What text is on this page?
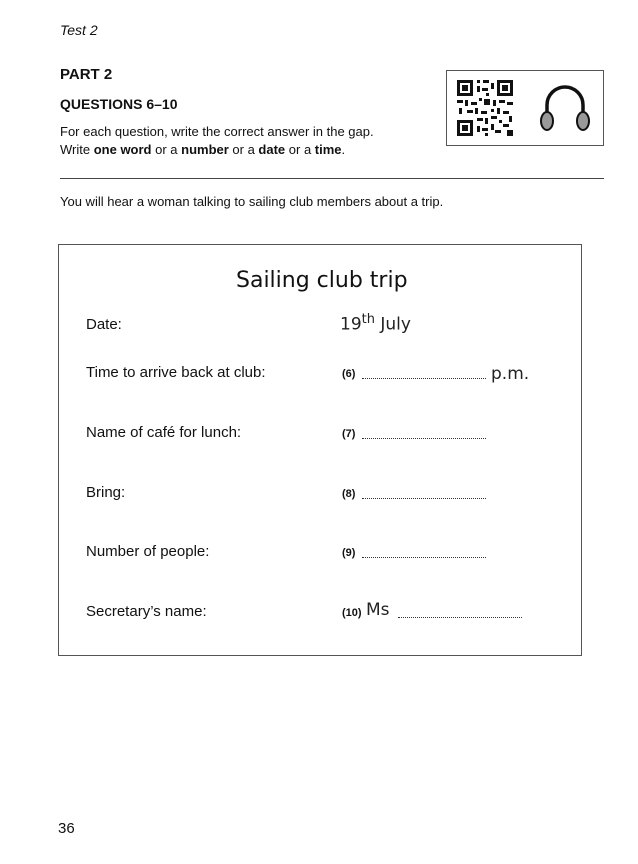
Test 2
PART 2
QUESTIONS 6–10
For each question, write the correct answer in the gap.
Write one word or a number or a date or a time.
You will hear a woman talking to sailing club members about a trip.
Sailing club trip
Date:	19th July
Time to arrive back at club:	(6)	p.m.
Name of café for lunch:	(7)
Bring:	(8)
Number of people:	(9)
Secretary’s name:	(10) Ms
36
